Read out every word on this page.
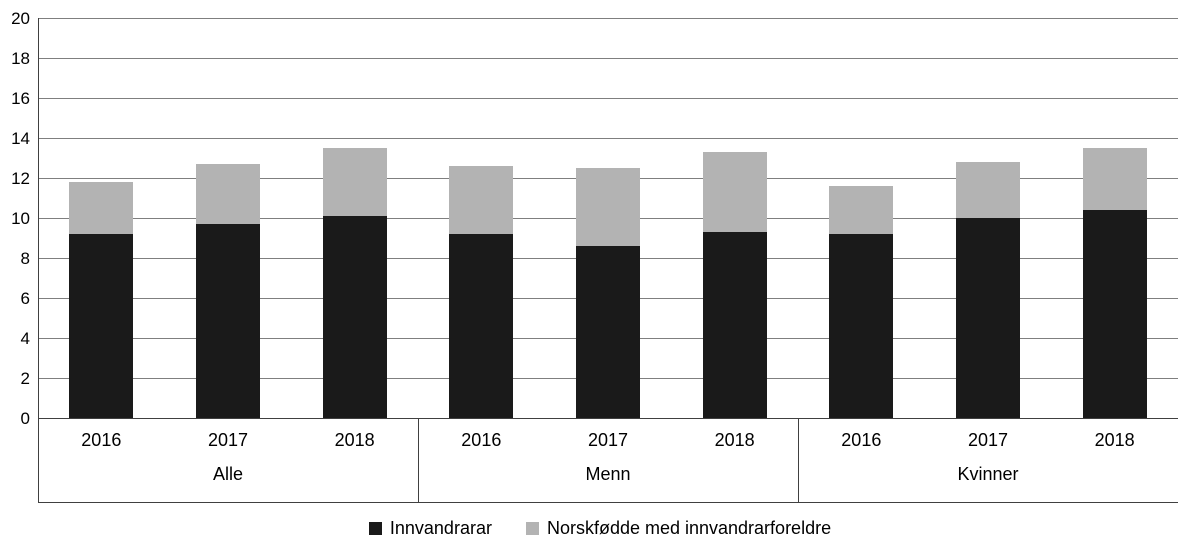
20
18
16
14
12
10
8
6
4
2
0
2016	2017	2018
Alle
2016	2017	2018
Menn
2016	2017	2018
Kvinner
Innvandrarar	Norskfødde med innvandrarforeldre
